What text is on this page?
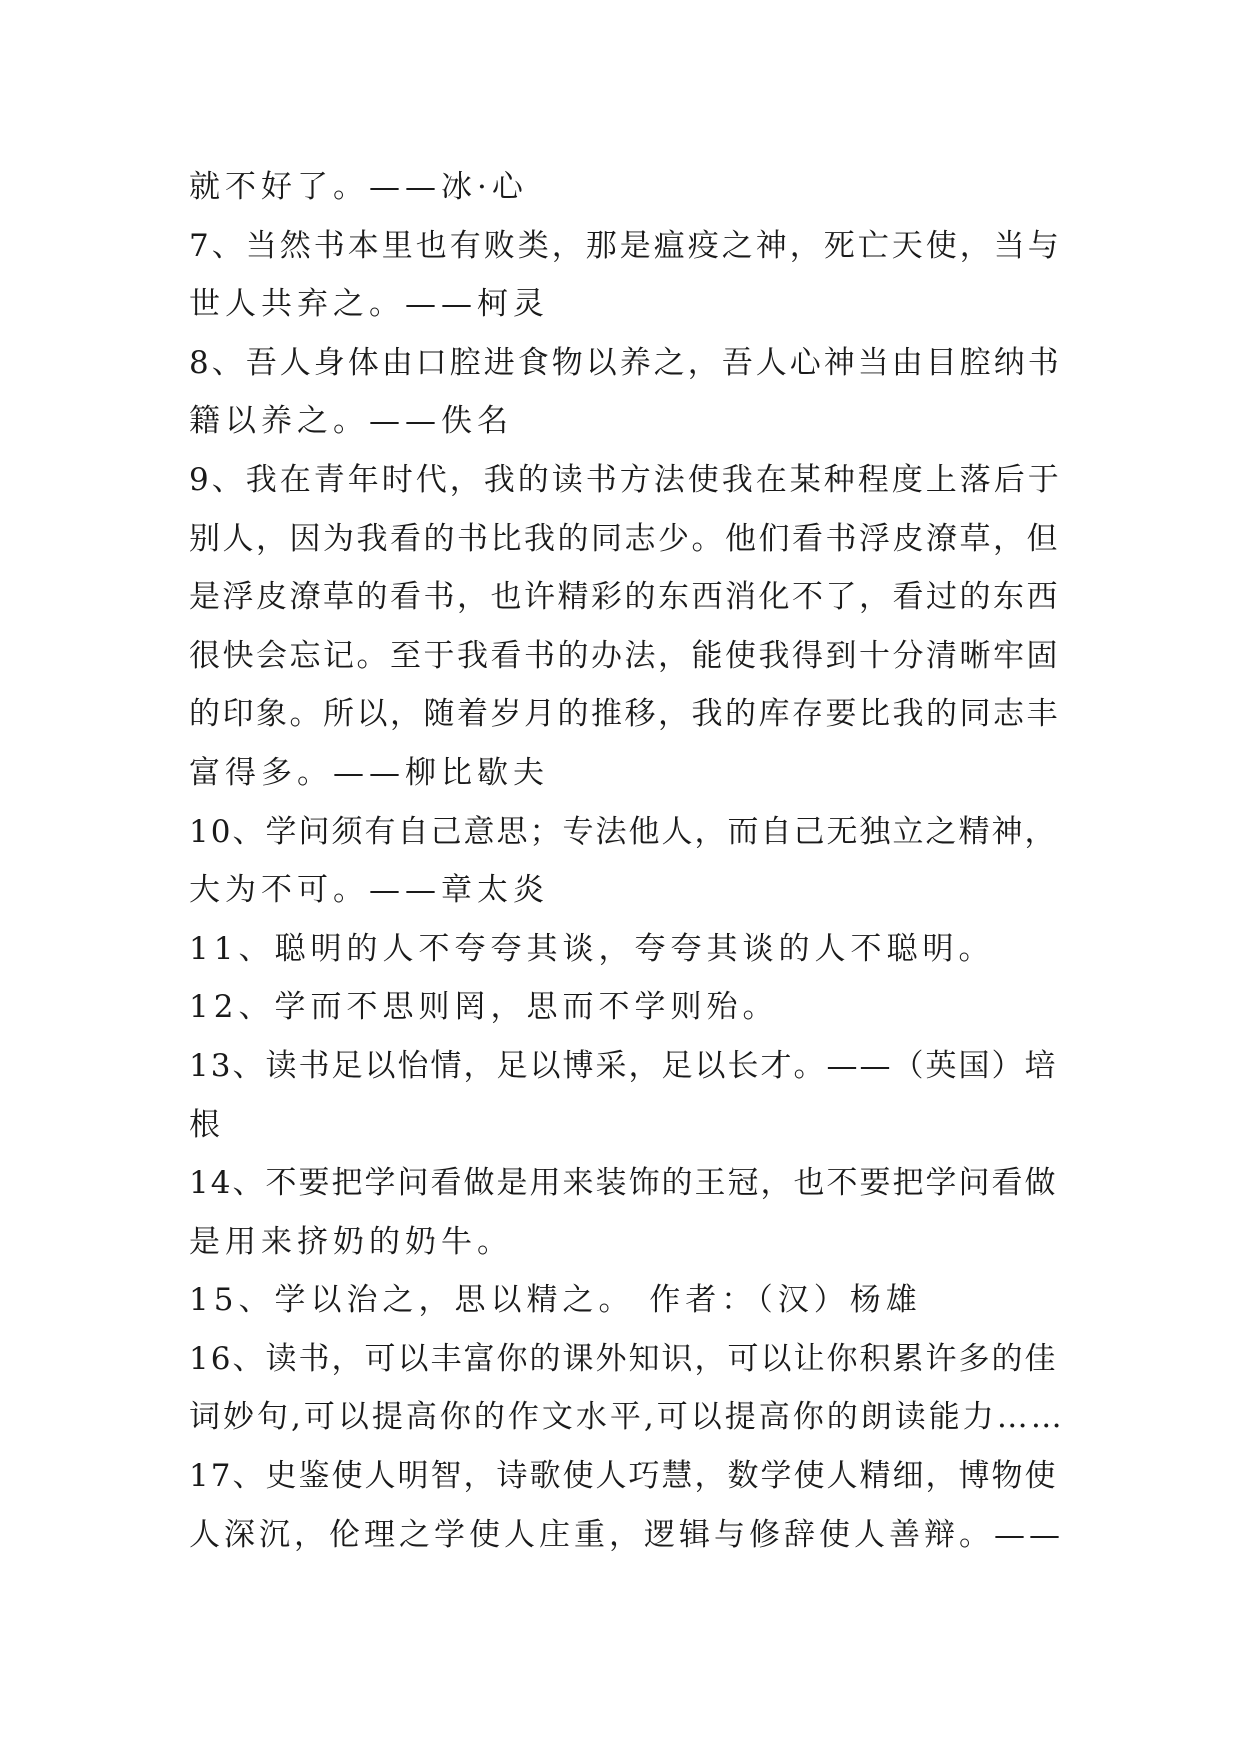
就不好了。——冰·心
7、当然书本里也有败类，那是瘟疫之神，死亡天使，当与
世人共弃之。——柯灵
8、吾人身体由口腔进食物以养之，吾人心神当由目腔纳书
籍以养之。——佚名
9、我在青年时代，我的读书方法使我在某种程度上落后于
别人，因为我看的书比我的同志少。他们看书浮皮潦草，但
是浮皮潦草的看书，也许精彩的东西消化不了，看过的东西
很快会忘记。至于我看书的办法，能使我得到十分清晰牢固
的印象。所以，随着岁月的推移，我的库存要比我的同志丰
富得多。——柳比歇夫
10、学问须有自己意思；专法他人，而自己无独立之精神，
大为不可。——章太炎
11、聪明的人不夸夸其谈，夸夸其谈的人不聪明。
12、学而不思则罔，思而不学则殆。
13、读书足以怡情，足以博采，足以长才。——（英国）培
根
14、不要把学问看做是用来装饰的王冠，也不要把学问看做
是用来挤奶的奶牛。
15、学以治之，思以精之。 作者：（汉）杨雄
16、读书，可以丰富你的课外知识，可以让你积累许多的佳
词妙句,可以提高你的作文水平,可以提高你的朗读能力……
17、史鉴使人明智，诗歌使人巧慧，数学使人精细，博物使
人深沉，伦理之学使人庄重，逻辑与修辞使人善辩。——
